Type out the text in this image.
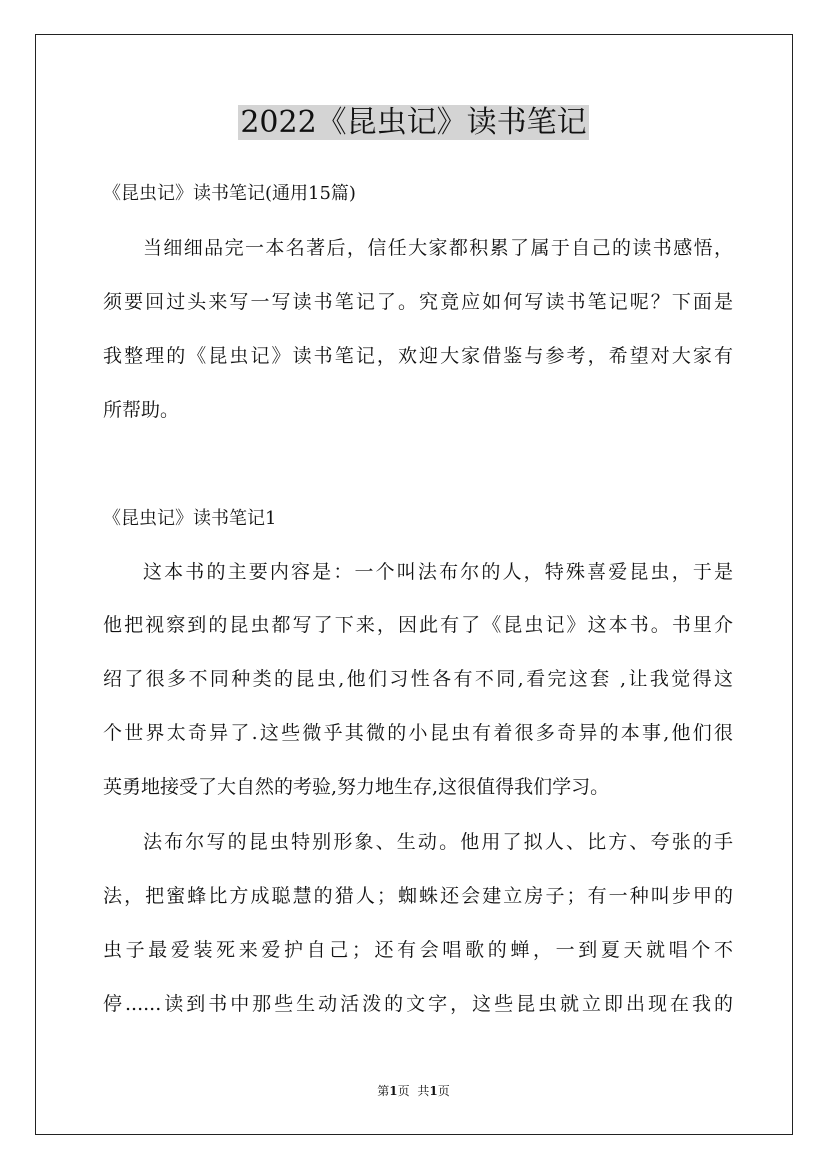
2022《昆虫记》读书笔记

《昆虫记》读书笔记(通用15篇)

当细细品完一本名著后，信任大家都积累了属于自己的读书感悟，

须要回过头来写一写读书笔记了。究竟应如何写读书笔记呢？下面是

我整理的《昆虫记》读书笔记，欢迎大家借鉴与参考，希望对大家有

所帮助。

《昆虫记》读书笔记1

这本书的主要内容是：一个叫法布尔的人，特殊喜爱昆虫，于是

他把视察到的昆虫都写了下来，因此有了《昆虫记》这本书。书里介

绍了很多不同种类的昆虫,他们习性各有不同,看完这套 ,让我觉得这

个世界太奇异了.这些微乎其微的小昆虫有着很多奇异的本事,他们很

英勇地接受了大自然的考验,努力地生存,这很值得我们学习。

法布尔写的昆虫特别形象、生动。他用了拟人、比方、夸张的手

法，把蜜蜂比方成聪慧的猎人；蜘蛛还会建立房子；有一种叫步甲的

虫子最爱装死来爱护自己；还有会唱歌的蝉，一到夏天就唱个不

停......读到书中那些生动活泼的文字，这些昆虫就立即出现在我的

第1页 共1页
